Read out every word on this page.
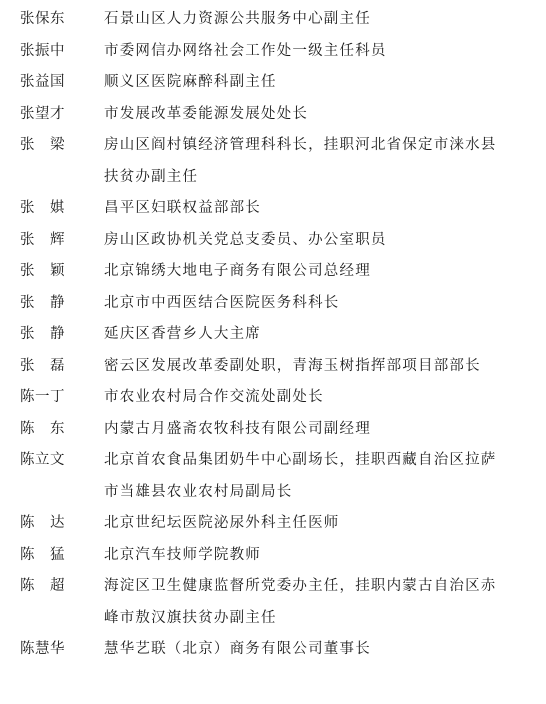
张保东	石景山区人力资源公共服务中心副主任
张振中	市委网信办网络社会工作处一级主任科员
张益国	顺义区医院麻醉科副主任
张望才	市发展改革委能源发展处处长
张　梁	房山区阎村镇经济管理科科长，挂职河北省保定市涞水县扶贫办副主任
张　娸	昌平区妇联权益部部长
张　辉	房山区政协机关党总支委员、办公室职员
张　颖	北京锦绣大地电子商务有限公司总经理
张　静	北京市中西医结合医院医务科科长
张　静	延庆区香营乡人大主席
张　磊	密云区发展改革委副处职，青海玉树指挥部项目部部长
陈一丁	市农业农村局合作交流处副处长
陈　东	内蒙古月盛斋农牧科技有限公司副经理
陈立文	北京首农食品集团奶牛中心副场长，挂职西藏自治区拉萨市当雄县农业农村局副局长
陈　达	北京世纪坛医院泌尿外科主任医师
陈　猛	北京汽车技师学院教师
陈　超	海淀区卫生健康监督所党委办主任，挂职内蒙古自治区赤峰市敖汉旗扶贫办副主任
陈慧华	慧华艺联（北京）商务有限公司董事长
